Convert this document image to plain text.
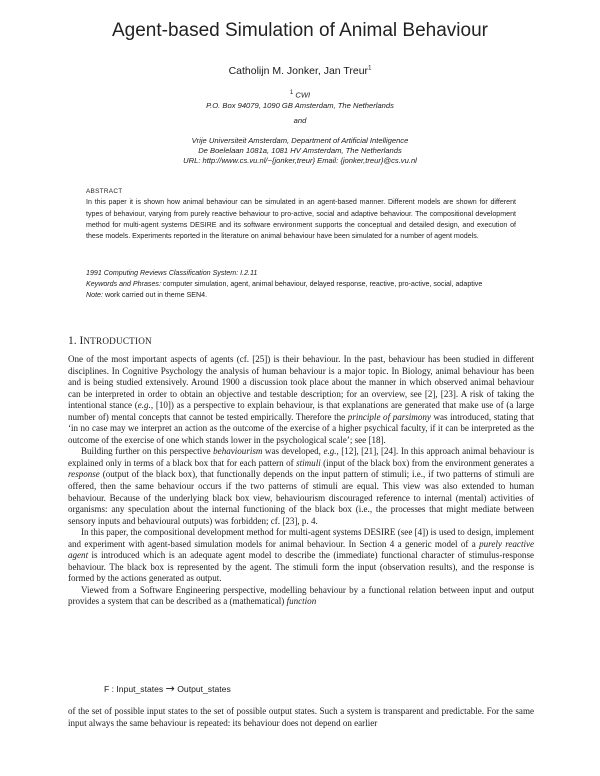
Agent-based Simulation of Animal Behaviour
Catholijn M. Jonker, Jan Treur$^1$
$^1$ CWI
P.O. Box 94079, 1090 GB Amsterdam, The Netherlands
and
Vrije Universiteit Amsterdam, Department of Artificial Intelligence
De Boelelaan 1081a, 1081 HV Amsterdam, The Netherlands
URL: http://www.cs.vu.nl/~{jonker,treur} Email: {jonker,treur}@cs.vu.nl
ABSTRACT
In this paper it is shown how animal behaviour can be simulated in an agent-based manner. Different models are shown for different types of behaviour, varying from purely reactive behaviour to pro-active, social and adaptive behaviour. The compositional development method for multi-agent systems DESIRE and its software environment supports the conceptual and detailed design, and execution of these models. Experiments reported in the literature on animal behaviour have been simulated for a number of agent models.
1991 Computing Reviews Classification System: I.2.11
Keywords and Phrases: computer simulation, agent, animal behaviour, delayed response, reactive, pro-active, social, adaptive
Note: work carried out in theme SEN4.
1. INTRODUCTION

One of the most important aspects of agents (cf. [25]) is their behaviour. In the past, behaviour has been studied in different disciplines. In Cognitive Psychology the analysis of human behaviour is a major topic. In Biology, animal behaviour has been and is being studied extensively. Around 1900 a discussion took place about the manner in which observed animal behaviour can be interpreted in order to obtain an objective and testable description; for an overview, see [2], [23]. A risk of taking the intentional stance (e.g., [10]) as a perspective to explain behaviour, is that explanations are generated that make use of (a large number of) mental concepts that cannot be tested empirically. Therefore the principle of parsimony was introduced, stating that ‘in no case may we interpret an action as the outcome of the exercise of a higher psychical faculty, if it can be interpreted as the outcome of the exercise of one which stands lower in the psychological scale’; see [18].

Building further on this perspective behaviourism was developed, e.g., [12], [21], [24]. In this approach animal behaviour is explained only in terms of a black box that for each pattern of stimuli (input of the black box) from the environment generates a response (output of the black box), that functionally depends on the input pattern of stimuli; i.e., if two patterns of stimuli are offered, then the same behaviour occurs if the two patterns of stimuli are equal. This view was also extended to human behaviour. Because of the underlying black box view, behaviourism discouraged reference to internal (mental) activities of organisms: any speculation about the internal functioning of the black box (i.e., the processes that might mediate between sensory inputs and behavioural outputs) was forbidden; cf. [23], p. 4.

In this paper, the compositional development method for multi-agent systems DESIRE (see [4]) is used to design, implement and experiment with agent-based simulation models for animal behaviour. In Section 4 a generic model of a purely reactive agent is introduced which is an adequate agent model to describe the (immediate) functional character of stimulus-response behaviour. The black box is represented by the agent. The stimuli form the input (observation results), and the response is formed by the actions generated as output.

Viewed from a Software Engineering perspective, modelling behaviour by a functional relation between input and output provides a system that can be described as a (mathematical) function

F : Input_states → Output_states

of the set of possible input states to the set of possible output states. Such a system is transparent and predictable. For the same input always the same behaviour is repeated: its behaviour does not depend on earlier
